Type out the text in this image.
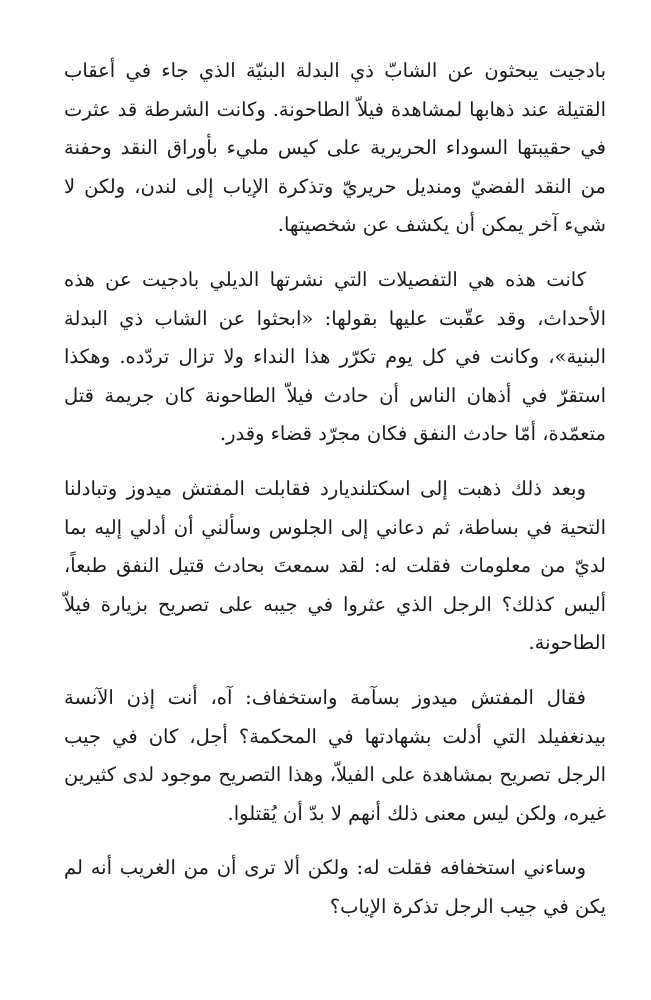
بادجيت يبحثون عن الشابّ ذي البدلة البنيّة الذي جاء في أعقاب القتيلة عند ذهابها لمشاهدة فيلاّ الطاحونة. وكانت الشرطة قد عثرت في حقيبتها السوداء الحريرية على كيس مليء بأوراق النقد وحفنة من النقد الفضيّ ومنديل حريريّ وتذكرة الإياب إلى لندن، ولكن لا شيء آخر يمكن أن يكشف عن شخصيتها.

كانت هذه هي التفصيلات التي نشرتها الديلي بادجيت عن هذه الأحداث، وقد عقّبت عليها بقولها: «ابحثوا عن الشاب ذي البدلة البنية»، وكانت في كل يوم تكرّر هذا النداء ولا تزال تردّده. وهكذا استقرّ في أذهان الناس أن حادث فيلاّ الطاحونة كان جريمة قتل متعمّدة، أمّا حادث النفق فكان مجرّد قضاء وقدر.

وبعد ذلك ذهبت إلى اسكتلنديارد فقابلت المفتش ميدوز وتبادلنا التحية في بساطة، ثم دعاني إلى الجلوس وسألني أن أدلي إليه بما لديّ من معلومات فقلت له: لقد سمعتَ بحادث قتيل النفق طبعاً، أليس كذلك؟ الرجل الذي عثروا في جيبه على تصريح بزيارة فيلاّ الطاحونة.

فقال المفتش ميدوز بسآمة واستخفاف: آه، أنت إذن الآنسة بيدنغفيلد التي أدلت بشهادتها في المحكمة؟ أجل، كان في جيب الرجل تصريح بمشاهدة على الفيلاّ، وهذا التصريح موجود لدى كثيرين غيره، ولكن ليس معنى ذلك أنهم لا بدّ أن يُقتلوا.

وساءني استخفافه فقلت له: ولكن ألا ترى أن من الغريب أنه لم يكن في جيب الرجل تذكرة الإياب؟
